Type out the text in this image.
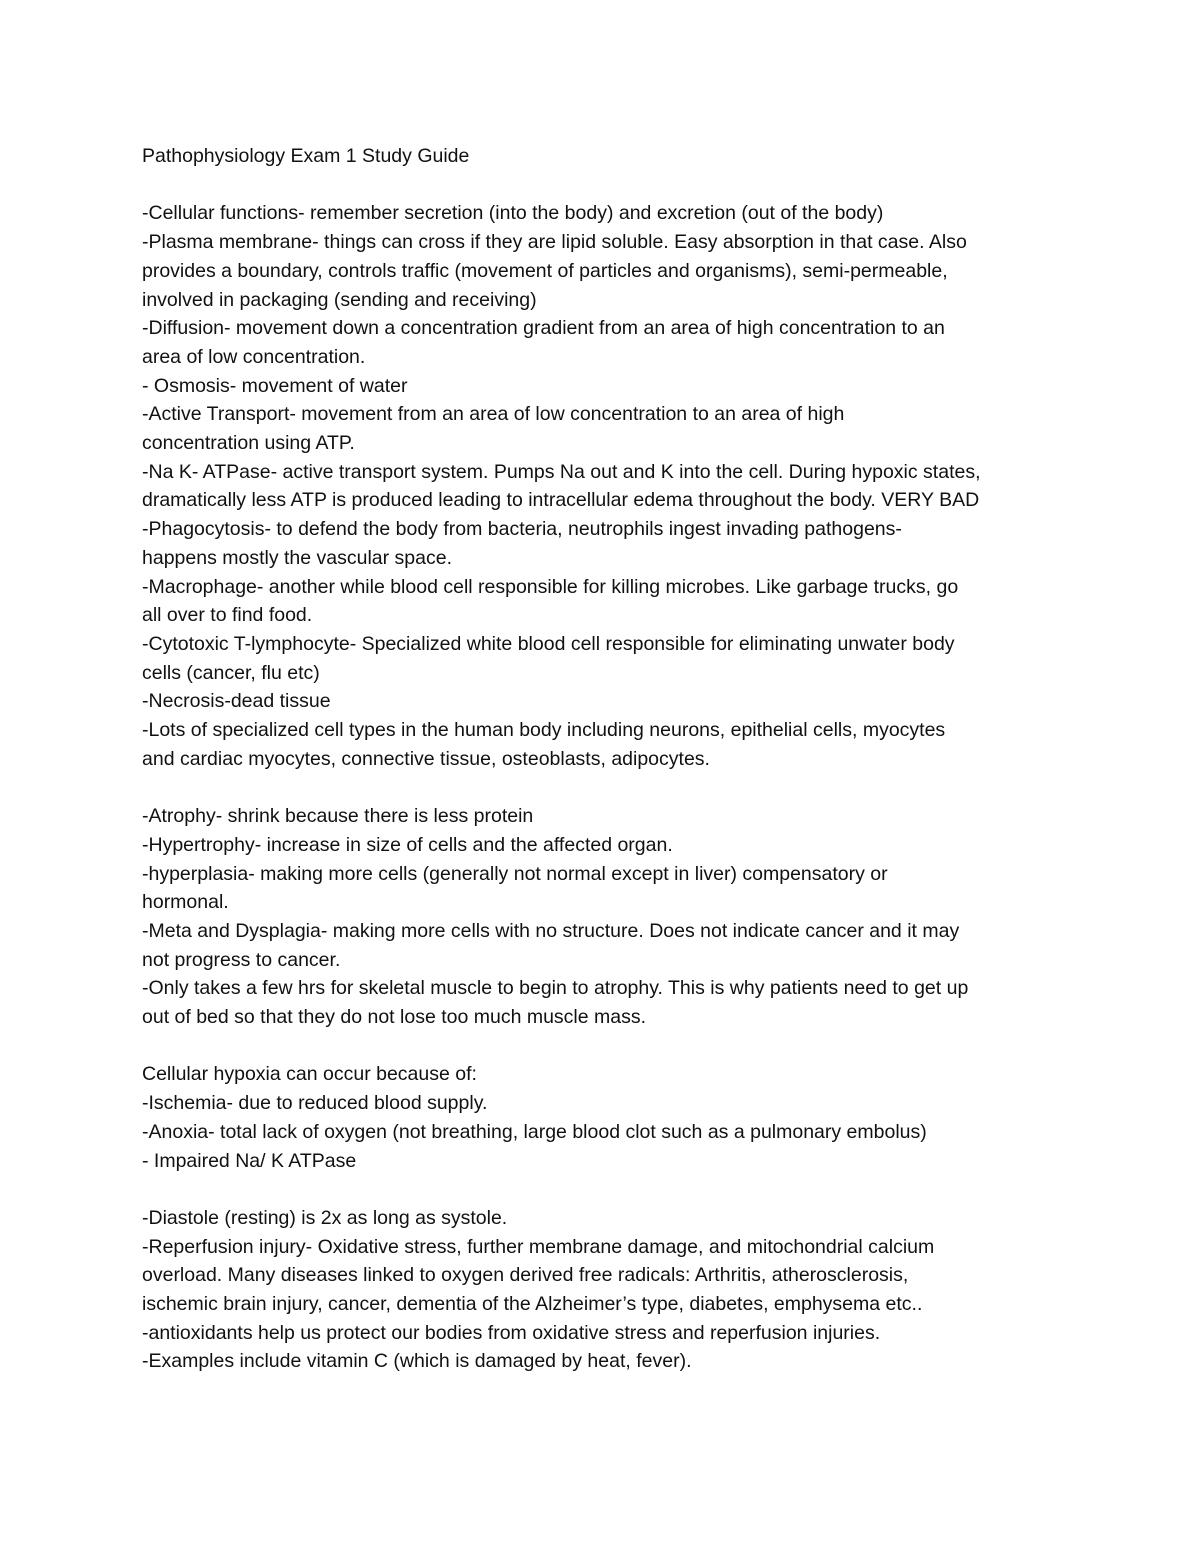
Pathophysiology Exam 1 Study Guide
-Cellular functions- remember secretion (into the body) and excretion (out of the body)
-Plasma membrane- things can cross if they are lipid soluble. Easy absorption in that case. Also
provides a boundary, controls traffic (movement of particles and organisms), semi-permeable,
involved in packaging (sending and receiving)
-Diffusion- movement down a concentration gradient from an area of high concentration to an
area of low concentration.
- Osmosis- movement of water
-Active Transport- movement from an area of low concentration to an area of high
concentration using ATP.
-Na K- ATPase- active transport system. Pumps Na out and K into the cell. During hypoxic states,
dramatically less ATP is produced leading to intracellular edema throughout the body. VERY BAD
-Phagocytosis- to defend the body from bacteria, neutrophils ingest invading pathogens-
happens mostly the vascular space.
-Macrophage- another while blood cell responsible for killing microbes. Like garbage trucks, go
all over to find food.
-Cytotoxic T-lymphocyte- Specialized white blood cell responsible for eliminating unwater body
cells (cancer, flu etc)
-Necrosis-dead tissue
-Lots of specialized cell types in the human body including neurons, epithelial cells, myocytes
and cardiac myocytes, connective tissue, osteoblasts, adipocytes.
-Atrophy- shrink because there is less protein
-Hypertrophy- increase in size of cells and the affected organ.
-hyperplasia- making more cells (generally not normal except in liver) compensatory or
hormonal.
-Meta and Dysplagia- making more cells with no structure. Does not indicate cancer and it may
not progress to cancer.
-Only takes a few hrs for skeletal muscle to begin to atrophy. This is why patients need to get up
out of bed so that they do not lose too much muscle mass.
Cellular hypoxia can occur because of:
-Ischemia- due to reduced blood supply.
-Anoxia- total lack of oxygen (not breathing, large blood clot such as a pulmonary embolus)
- Impaired Na/ K ATPase
-Diastole (resting) is 2x as long as systole.
-Reperfusion injury- Oxidative stress, further membrane damage, and mitochondrial calcium
overload. Many diseases linked to oxygen derived free radicals: Arthritis, atherosclerosis,
ischemic brain injury, cancer, dementia of the Alzheimer’s type, diabetes, emphysema etc..
-antioxidants help us protect our bodies from oxidative stress and reperfusion injuries.
-Examples include vitamin C (which is damaged by heat, fever).
